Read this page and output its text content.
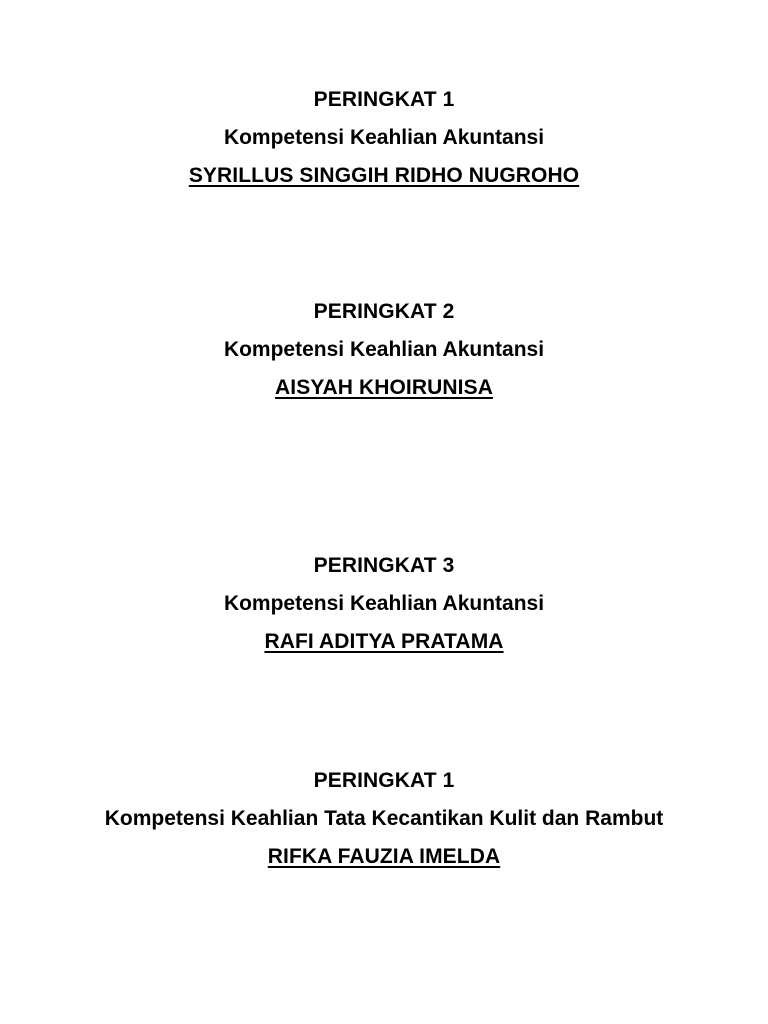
PERINGKAT 1

Kompetensi Keahlian Akuntansi

SYRILLUS SINGGIH RIDHO NUGROHO

PERINGKAT 2

Kompetensi Keahlian Akuntansi

AISYAH KHOIRUNISA

PERINGKAT 3

Kompetensi Keahlian Akuntansi

RAFI ADITYA PRATAMA

PERINGKAT 1

Kompetensi Keahlian Tata Kecantikan Kulit dan Rambut

RIFKA FAUZIA IMELDA
